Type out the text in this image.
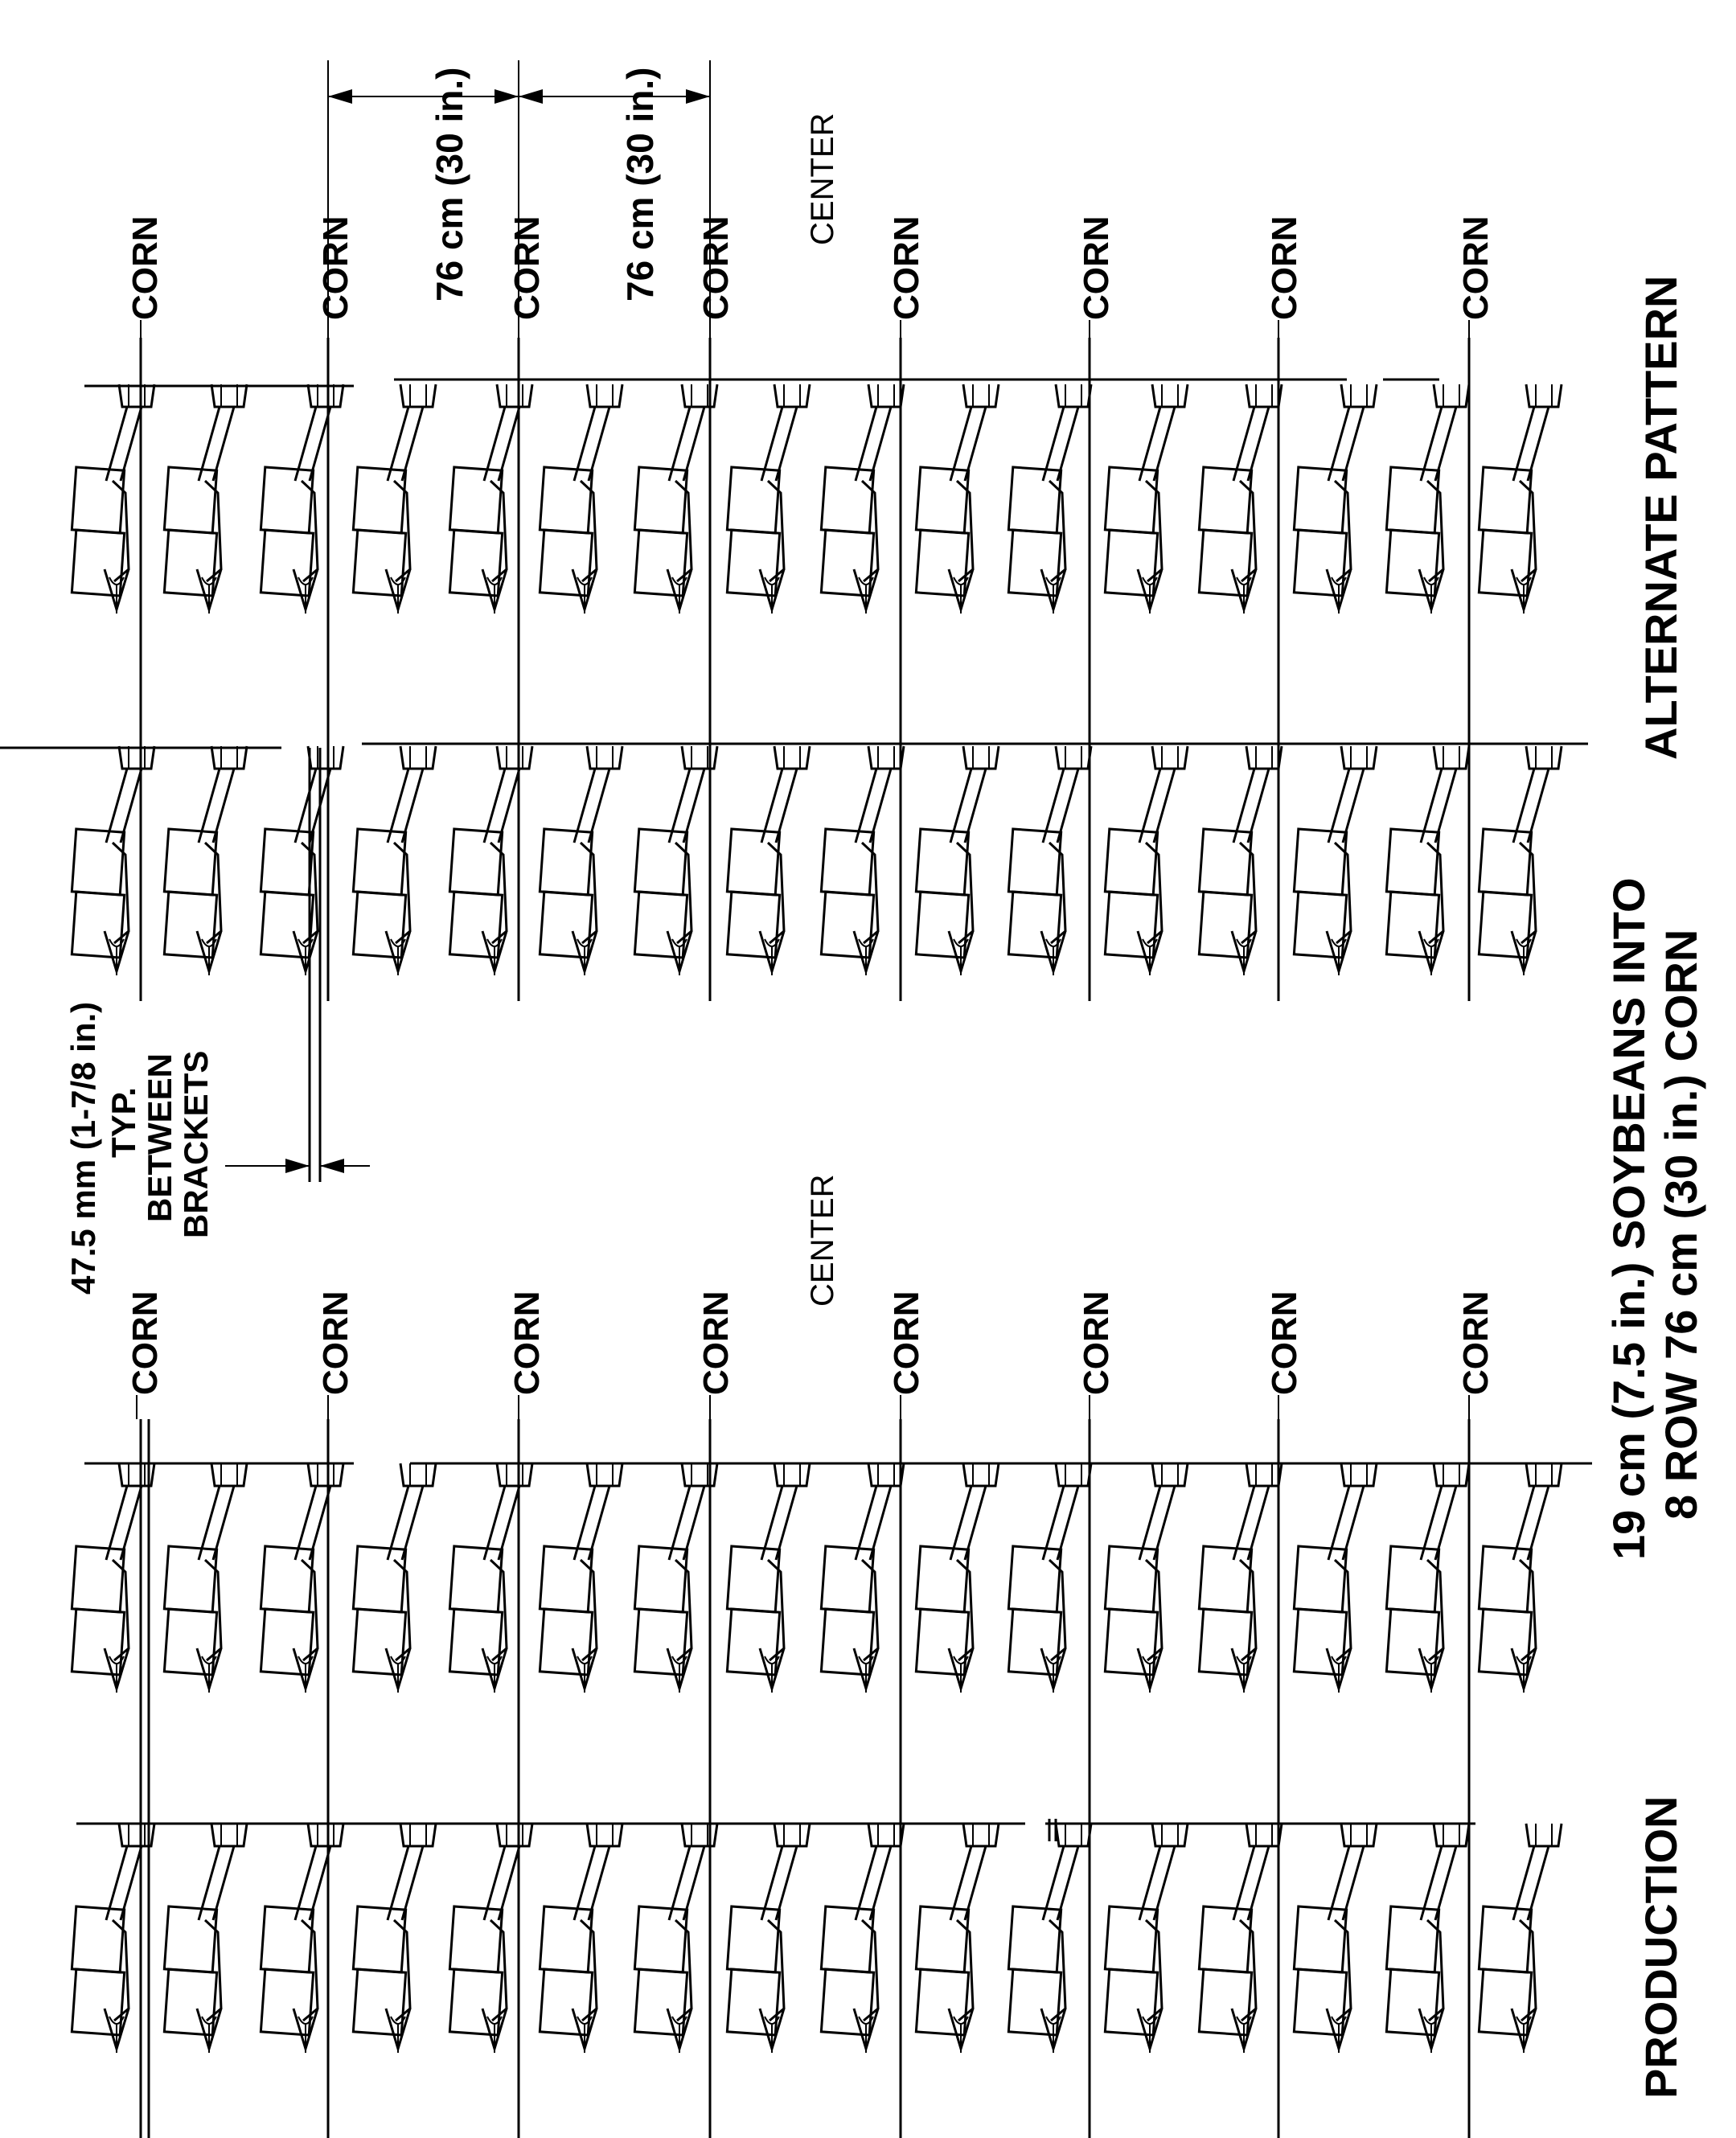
CORN	CORN	CORN	CORN	CORN	CORN	CORN	CORN
CENTER
CORN	CORN	CORN	CORN	CORN	CORN	CORN	CORN
CENTER
76 cm (30 in.)	76 cm (30 in.)
47.5 mm (1-7/8 in.) TYP.
BETWEEN
BRACKETS
PRODUCTION
19 cm (7.5 in.) SOYBEANS INTO 8 ROW 76 cm (30 in.) CORN
ALTERNATE PATTERN
